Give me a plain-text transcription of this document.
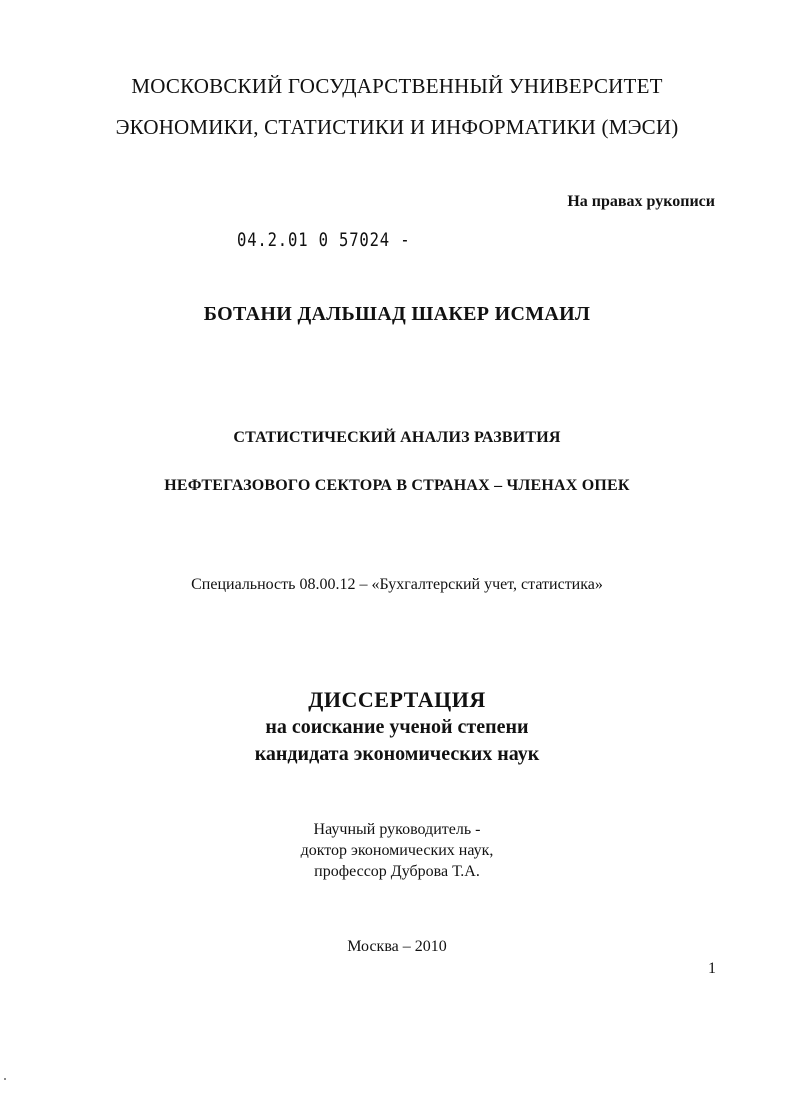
МОСКОВСКИЙ ГОСУДАРСТВЕННЫЙ УНИВЕРСИТЕТ
ЭКОНОМИКИ, СТАТИСТИКИ И ИНФОРМАТИКИ (МЭСИ)
На правах рукописи
04.2.01 0 57024 -
БОТАНИ ДАЛЬШАД ШАКЕР ИСМАИЛ
СТАТИСТИЧЕСКИЙ АНАЛИЗ РАЗВИТИЯ
НЕФТЕГАЗОВОГО СЕКТОРА В СТРАНАХ – ЧЛЕНАХ ОПЕК
Специальность 08.00.12 – «Бухгалтерский учет, статистика»
ДИССЕРТАЦИЯ
на соискание ученой степени
кандидата экономических наук
Научный руководитель -
доктор экономических наук,
профессор Дуброва Т.А.
Москва – 2010
1
